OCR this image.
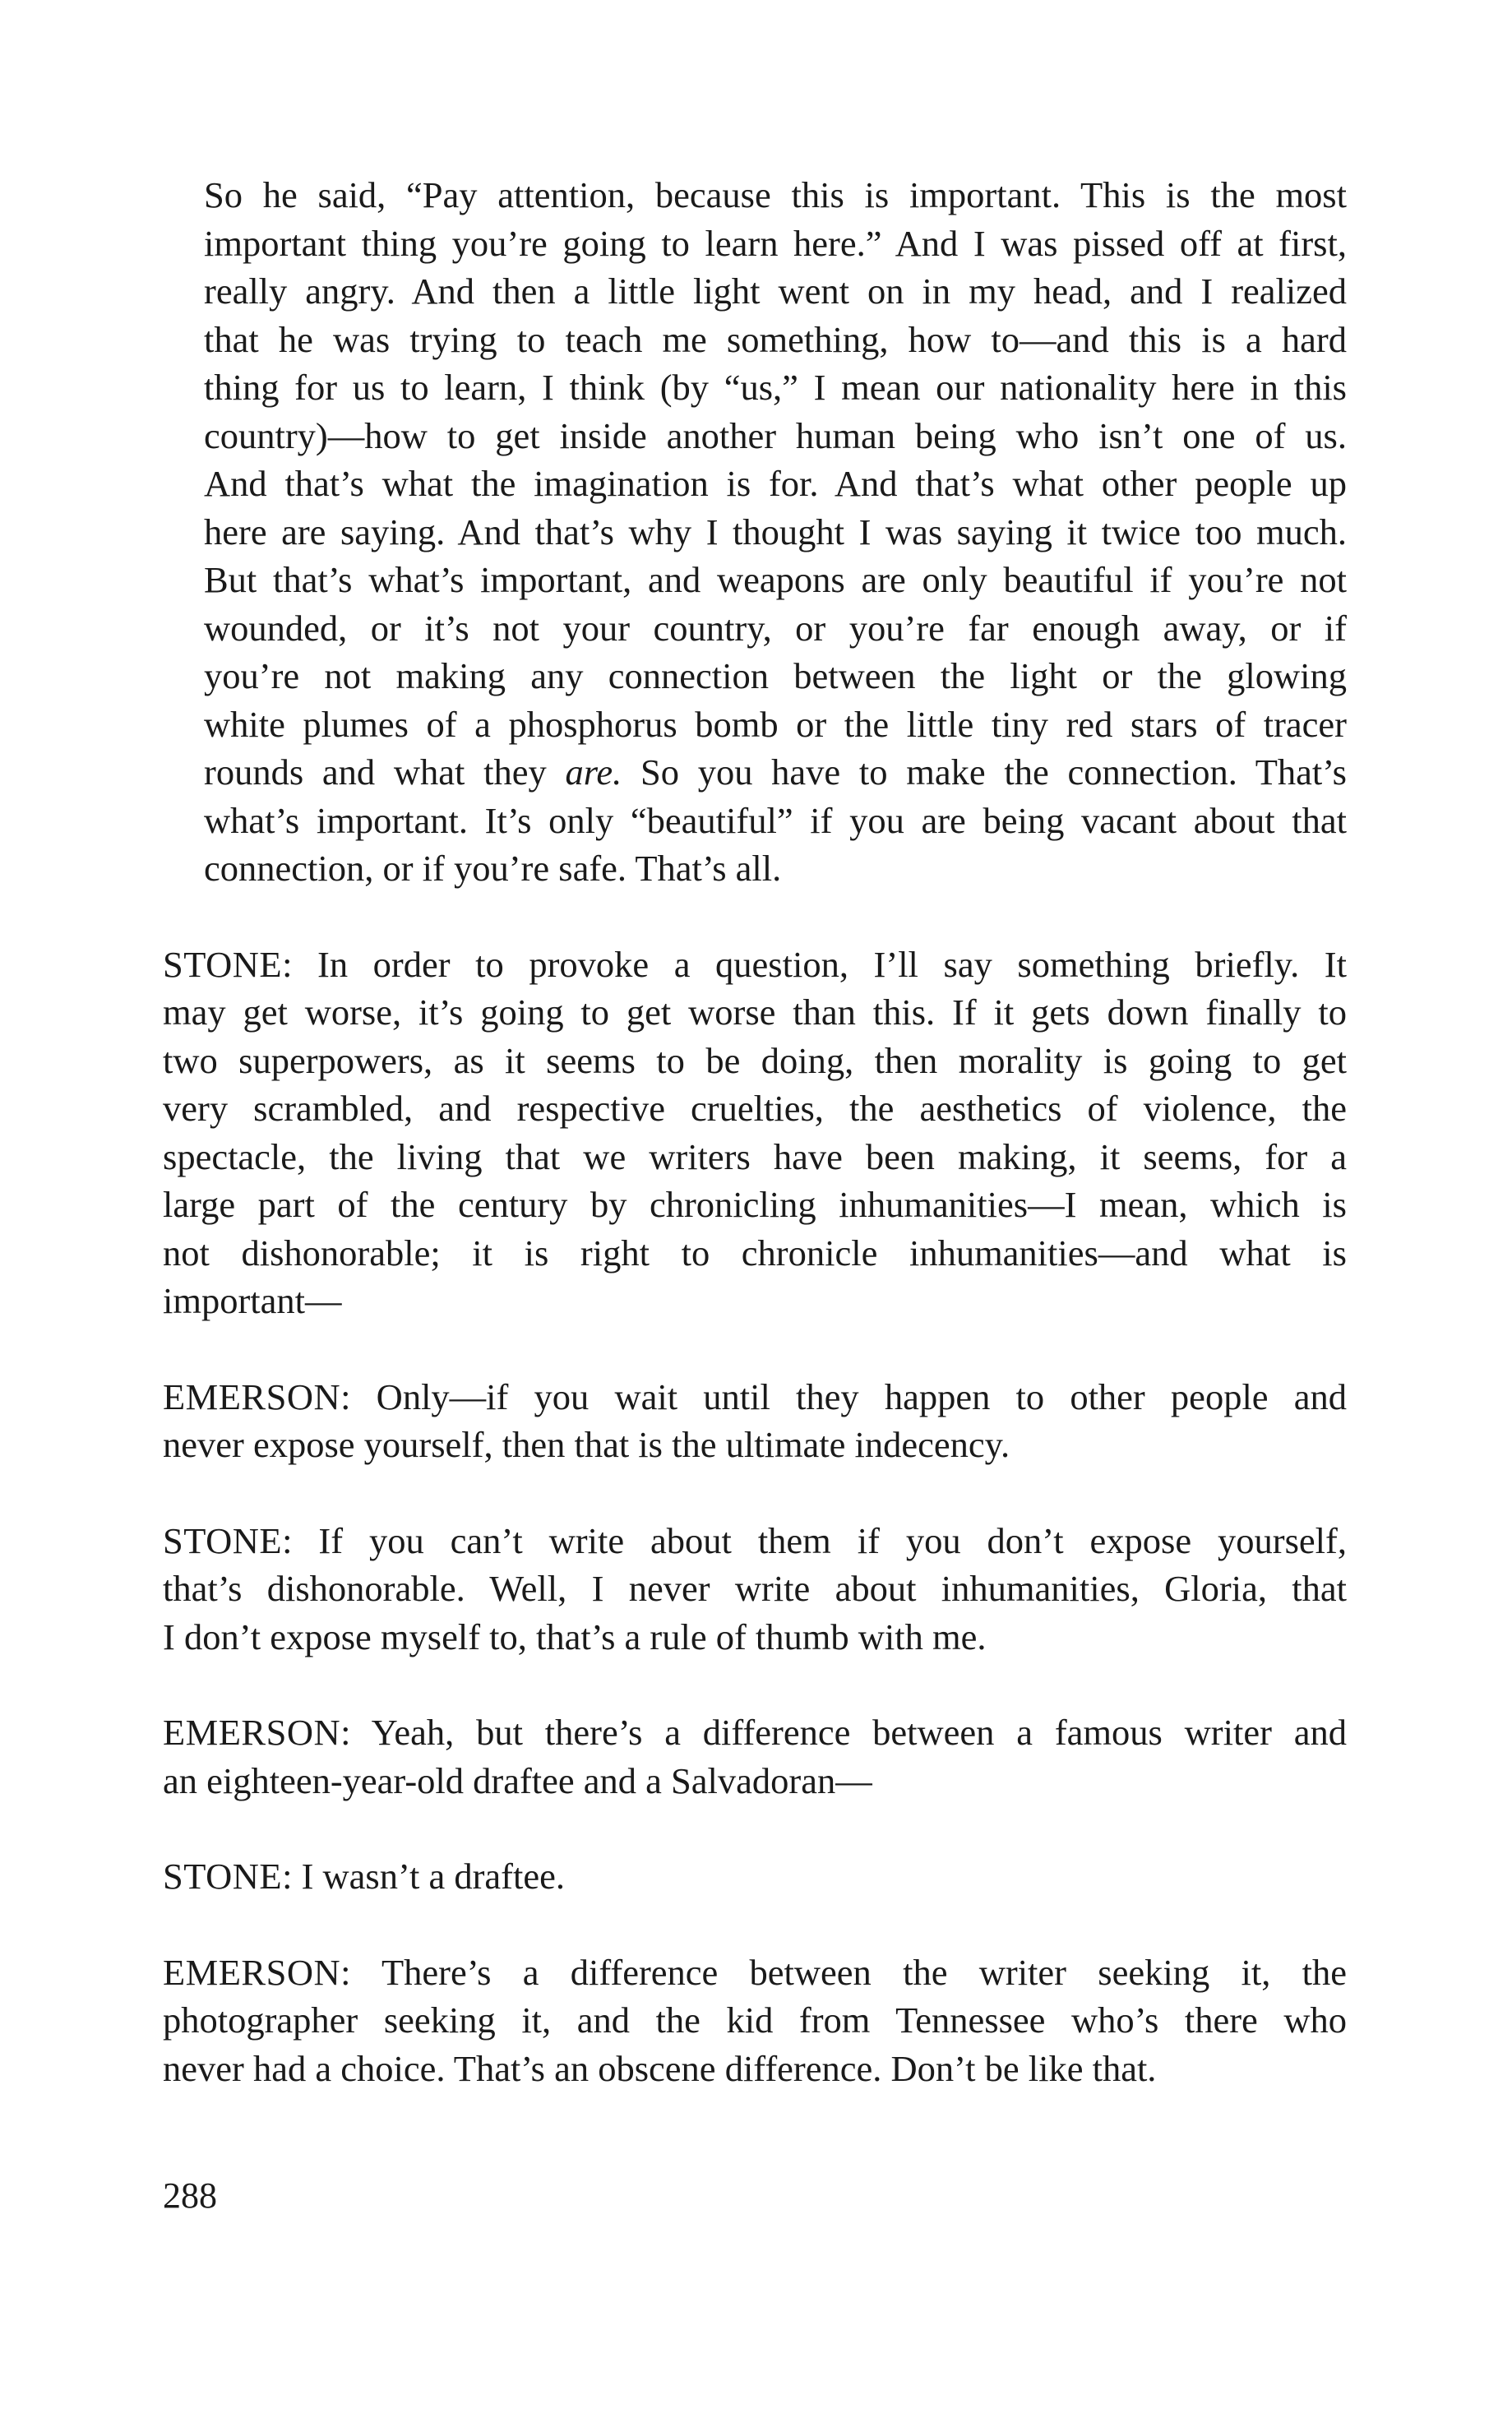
So he said, “Pay attention, because this is important. This is the most
important thing you’re going to learn here.” And I was pissed off at first,
really angry. And then a little light went on in my head, and I realized
that he was trying to teach me something, how to—and this is a hard
thing for us to learn, I think (by “us,” I mean our nationality here in this
country)—how to get inside another human being who isn’t one of us.
And that’s what the imagination is for. And that’s what other people up
here are saying. And that’s why I thought I was saying it twice too much.
But that’s what’s important, and weapons are only beautiful if you’re not
wounded, or it’s not your country, or you’re far enough away, or if
you’re not making any connection between the light or the glowing
white plumes of a phosphorus bomb or the little tiny red stars of tracer
rounds and what they are. So you have to make the connection. That’s
what’s important. It’s only “beautiful” if you are being vacant about that
connection, or if you’re safe. That’s all.

STONE: In order to provoke a question, I’ll say something briefly. It
may get worse, it’s going to get worse than this. If it gets down finally to
two superpowers, as it seems to be doing, then morality is going to get
very scrambled, and respective cruelties, the aesthetics of violence, the
spectacle, the living that we writers have been making, it seems, for a
large part of the century by chronicling inhumanities—I mean, which is
not dishonorable; it is right to chronicle inhumanities—and what is
important—

EMERSON: Only—if you wait until they happen to other people and
never expose yourself, then that is the ultimate indecency.

STONE: If you can’t write about them if you don’t expose yourself,
that’s dishonorable. Well, I never write about inhumanities, Gloria, that
I don’t expose myself to, that’s a rule of thumb with me.

EMERSON: Yeah, but there’s a difference between a famous writer and
an eighteen-year-old draftee and a Salvadoran—

STONE: I wasn’t a draftee.

EMERSON: There’s a difference between the writer seeking it, the
photographer seeking it, and the kid from Tennessee who’s there who
never had a choice. That’s an obscene difference. Don’t be like that.

288
